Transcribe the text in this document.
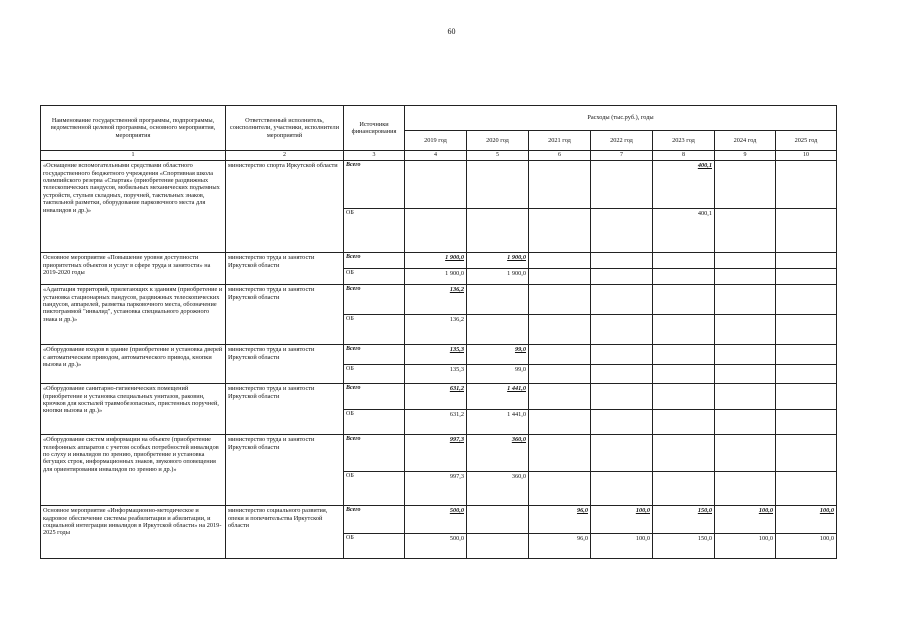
60
Наименование государственной программы, подпрограммы, ведомственной целевой программы, основного мероприятия, мероприятия	Ответственный исполнитель, соисполнители, участники, исполнители мероприятий	Источники финансирования	Расходы (тыс.руб.), годы						
			2019 год	2020 год	2021 год	2022 год	2023 год	2024 год	2025 год
1	2	3	4	5	6	7	8	9	10
«Оснащение вспомогательными средствами областного государственного бюджетного учреждения «Спортивная школа олимпийского резерва «Спартак» (приобретение раздвижных телескопических пандусов, мобильных механических подъемных устройств, стульев складных, поручней, тактильных знаков, тактильной разметки, оборудование парковочного места для инвалидов и др.)»	министерство спорта Иркутской области	Всего					400,1		
		ОБ					400,1		
Основное мероприятие «Повышение уровня доступности приоритетных объектов и услуг в сфере труда и занятости» на 2019-2020 годы	министерство труда и занятости Иркутской области	Всего	1 900,0	1 900,0					
		ОБ	1 900,0	1 900,0					
«Адаптация территорий, прилегающих к зданиям (приобретение и установка стационарных пандусов, раздвижных телескопических пандусов, аппарелей, разметка парковочного места, обозначение пиктограммой "инвалид", установка специального дорожного знака и др.)»	министерство труда и занятости Иркутской области	Всего	136,2						
		ОБ	136,2						
«Оборудование входов в здание (приобретение и установка дверей с автоматическим приводом, автоматического привода, кнопки вызова и др.)»	министерство труда и занятости Иркутской области	Всего	135,3	99,0					
		ОБ	135,3	99,0					
«Оборудование санитарно-гигиенических помещений (приобретение и установка специальных унитазов, раковин, крючков для костылей травмобезопасных, пристенных поручней, кнопки вызова и др.)»	министерство труда и занятости Иркутской области	Всего	631,2	1 441,0					
		ОБ	631,2	1 441,0					
«Оборудование систем информации на объекте (приобретение телефонных аппаратов с учетом особых потребностей инвалидов по слуху и инвалидов по зрению, приобретение и установка бегущих строк, информационных знаков, звукового оповещения для ориентирования инвалидов по зрению и др.)»	министерство труда и занятости Иркутской области	Всего	997,3	360,0					
		ОБ	997,3	360,0					
Основное мероприятие «Информационно-методическое и кадровое обеспечение системы реабилитации и абилитации, и социальной интеграции инвалидов в Иркутской области» на 2019-2025 годы	министерство социального развития, опеки и попечительства Иркутской области	Всего	500,0		96,0	100,0	150,0	100,0	100,0
		ОБ	500,0		96,0	100,0	150,0	100,0	100,0
